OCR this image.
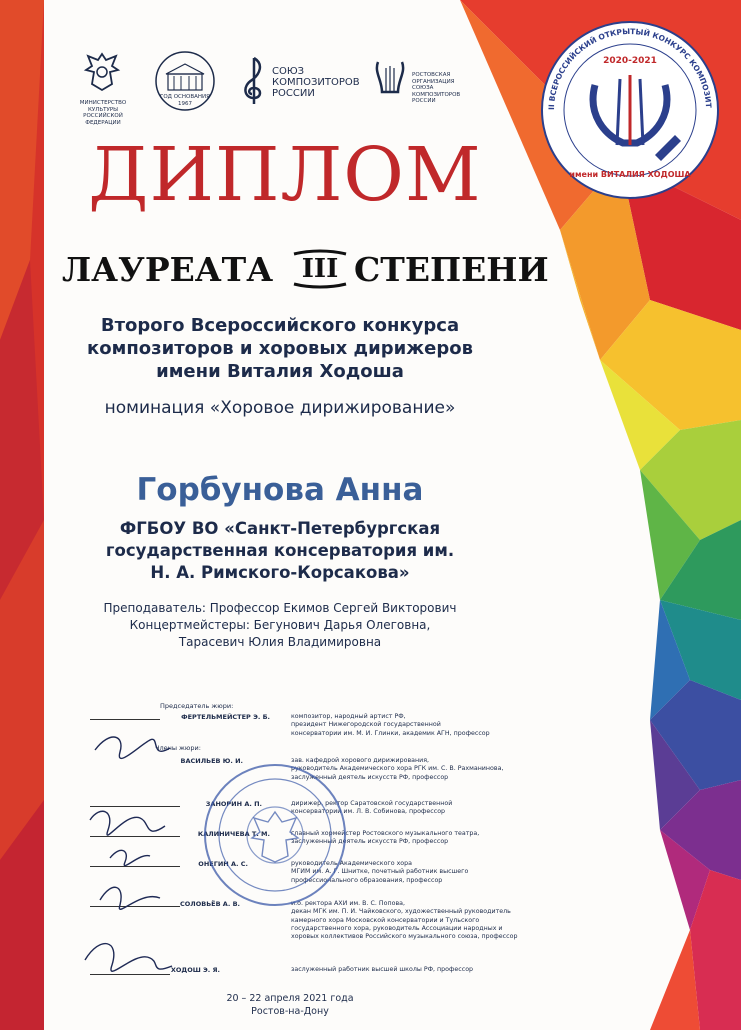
МИНИСТЕРСТВО КУЛЬТУРЫ РОССИЙСКОЙ ФЕДЕРАЦИИ
ГОД ОСНОВАНИЯ
1967
СОЮЗ КОМПОЗИТОРОВ РОССИИ
РОСТОВСКАЯ ОРГАНИЗАЦИЯ СОЮЗА КОМПОЗИТОРОВ РОССИИ
II ВСЕРОССИЙСКИЙ ОТКРЫТЫЙ КОНКУРС КОМПОЗИТ
2020-2021
имени ВИТАЛИЯ ХОДОША
ДИПЛОМ
ЛАУРЕАТА	III СТЕПЕНИ
Второго Всероссийского конкурса
композиторов и хоровых дирижеров
имени Виталия Ходоша
номинация «Хоровое дирижирование»
Горбунова Анна
ФГБОУ ВО «Санкт-Петербургская
государственная консерватория им.
Н. А. Римского-Корсакова»
Преподаватель: Профессор Екимов Сергей Викторович
Концертмейстеры: Бегунович Дарья Олеговна,
Тарасевич Юлия Владимировна
Председатель жюри:
ФЕРТЕЛЬМЕЙСТЕР Э. Б.	композитор, народный артист РФ,
президент Нижегородской государственной
консерватории им. М. И. Глинки, академик АГН, профессор
Члены жюри:
ВАСИЛЬЕВ Ю. И.	зав. кафедрой хорового дирижирования,
руководитель Академического хора РГК им. С. В. Рахманинова,
заслуженный деятель искусств РФ, профессор
ЗАНОРИН А. П.	дирижер, ректор Саратовской государственной
консерватории им. Л. В. Собинова, профессор
КАЛИНИЧЕВА Т. М.	главный хормейстер Ростовского музыкального театра,
заслуженный деятель искусств РФ, профессор
ОНЕГИН А. С.	руководитель Академического хора
МГИМ им. А. Г. Шнитке, почетный работник высшего
профессионального образования, профессор
СОЛОВЬЁВ А. В.	и.о. ректора АХИ им. В. С. Попова,
декан МГК им. П. И. Чайковского, художественный руководитель
камерного хора Московской консерватории и Тульского
государственного хора, руководитель Ассоциации народных и
хоровых коллективов Российского музыкального союза, профессор
ХОДОШ Э. Я.	заслуженный работник высшей школы РФ, профессор
20 – 22 апреля 2021 года
Ростов-на-Дону
